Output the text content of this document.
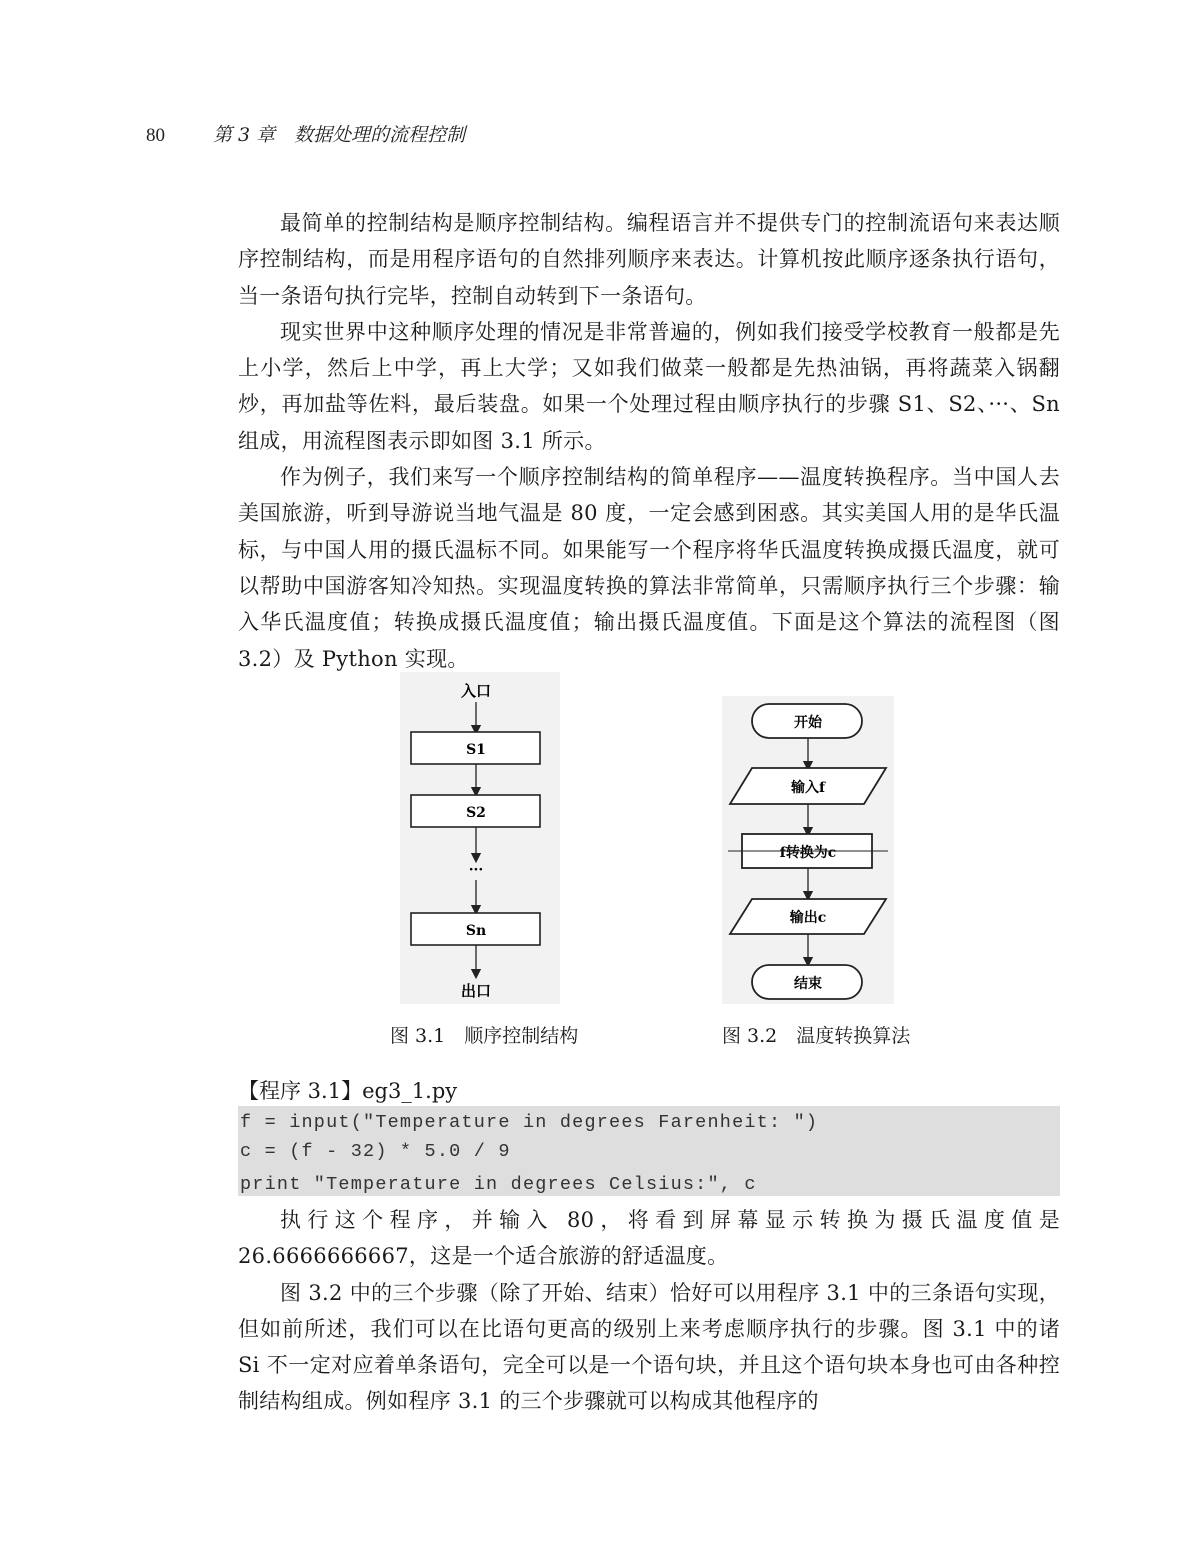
80	第 3 章　数据处理的流程控制

最简单的控制结构是顺序控制结构。编程语言并不提供专门的控制流语句来表达顺序控制结构，而是用程序语句的自然排列顺序来表达。计算机按此顺序逐条执行语句，当一条语句执行完毕，控制自动转到下一条语句。

现实世界中这种顺序处理的情况是非常普遍的，例如我们接受学校教育一般都是先上小学，然后上中学，再上大学；又如我们做菜一般都是先热油锅，再将蔬菜入锅翻炒，再加盐等佐料，最后装盘。如果一个处理过程由顺序执行的步骤 S1、S2、···、Sn 组成，用流程图表示即如图 3.1 所示。

作为例子，我们来写一个顺序控制结构的简单程序——温度转换程序。当中国人去美国旅游，听到导游说当地气温是 80 度，一定会感到困惑。其实美国人用的是华氏温标，与中国人用的摄氏温标不同。如果能写一个程序将华氏温度转换成摄氏温度，就可以帮助中国游客知冷知热。实现温度转换的算法非常简单，只需顺序执行三个步骤：输入华氏温度值；转换成摄氏温度值；输出摄氏温度值。下面是这个算法的流程图（图 3.2）及 Python 实现。

入口
S1
S2
···
Sn
出口
开始
输入f
f转换为c
输出c
结束
图 3.1　顺序控制结构	图 3.2　温度转换算法
【程序 3.1】eg3_1.py
f = input("Temperature in degrees Farenheit: ")
c = (f - 32) * 5.0 / 9
print "Temperature in degrees Celsius:", c

执行这个程序，并输入 80，将看到屏幕显示转换为摄氏温度值是 26.6666666667，这是一个适合旅游的舒适温度。

图 3.2 中的三个步骤（除了开始、结束）恰好可以用程序 3.1 中的三条语句实现，但如前所述，我们可以在比语句更高的级别上来考虑顺序执行的步骤。图 3.1 中的诸 Si 不一定对应着单条语句，完全可以是一个语句块，并且这个语句块本身也可由各种控制结构组成。例如程序 3.1 的三个步骤就可以构成其他程序的
